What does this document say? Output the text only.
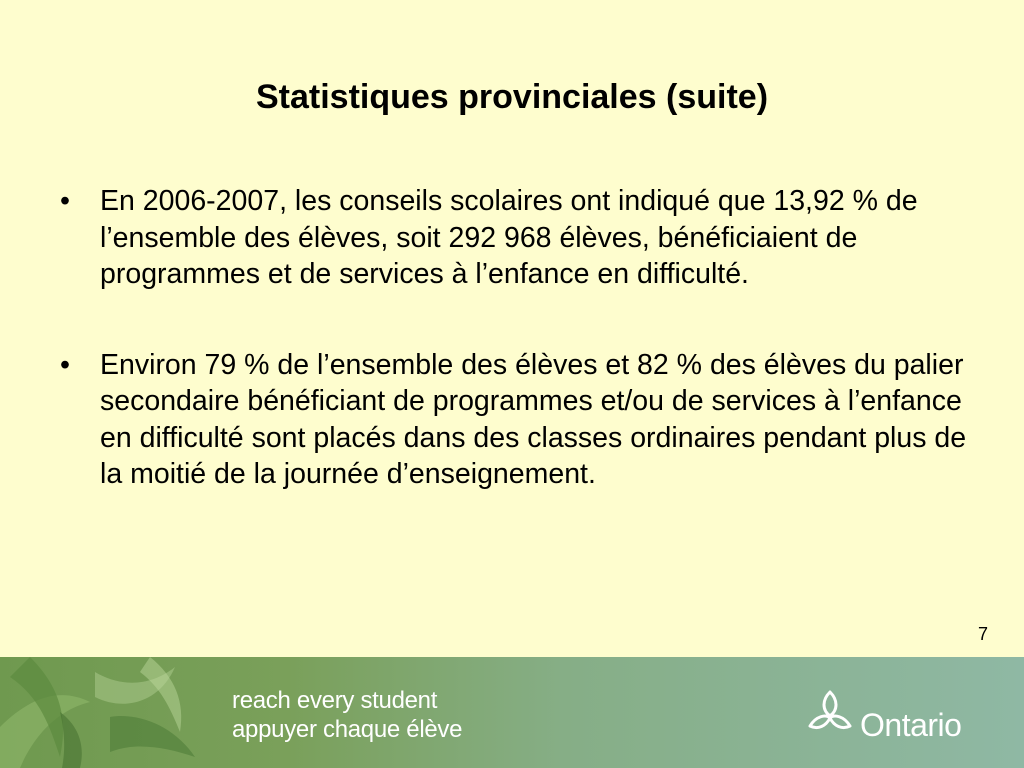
Statistiques provinciales (suite)
• En 2006-2007, les conseils scolaires ont indiqué que 13,92 % de l’ensemble des élèves, soit 292 968 élèves, bénéficiaient de programmes et de services à l’enfance en difficulté.
• Environ 79 % de l’ensemble des élèves et 82 % des élèves du palier secondaire bénéficiant de programmes et/ou de services à l’enfance en difficulté sont placés dans des classes ordinaires pendant plus de la moitié de la journée d’enseignement.
7
reach every student
appuyer chaque élève	Ontario
